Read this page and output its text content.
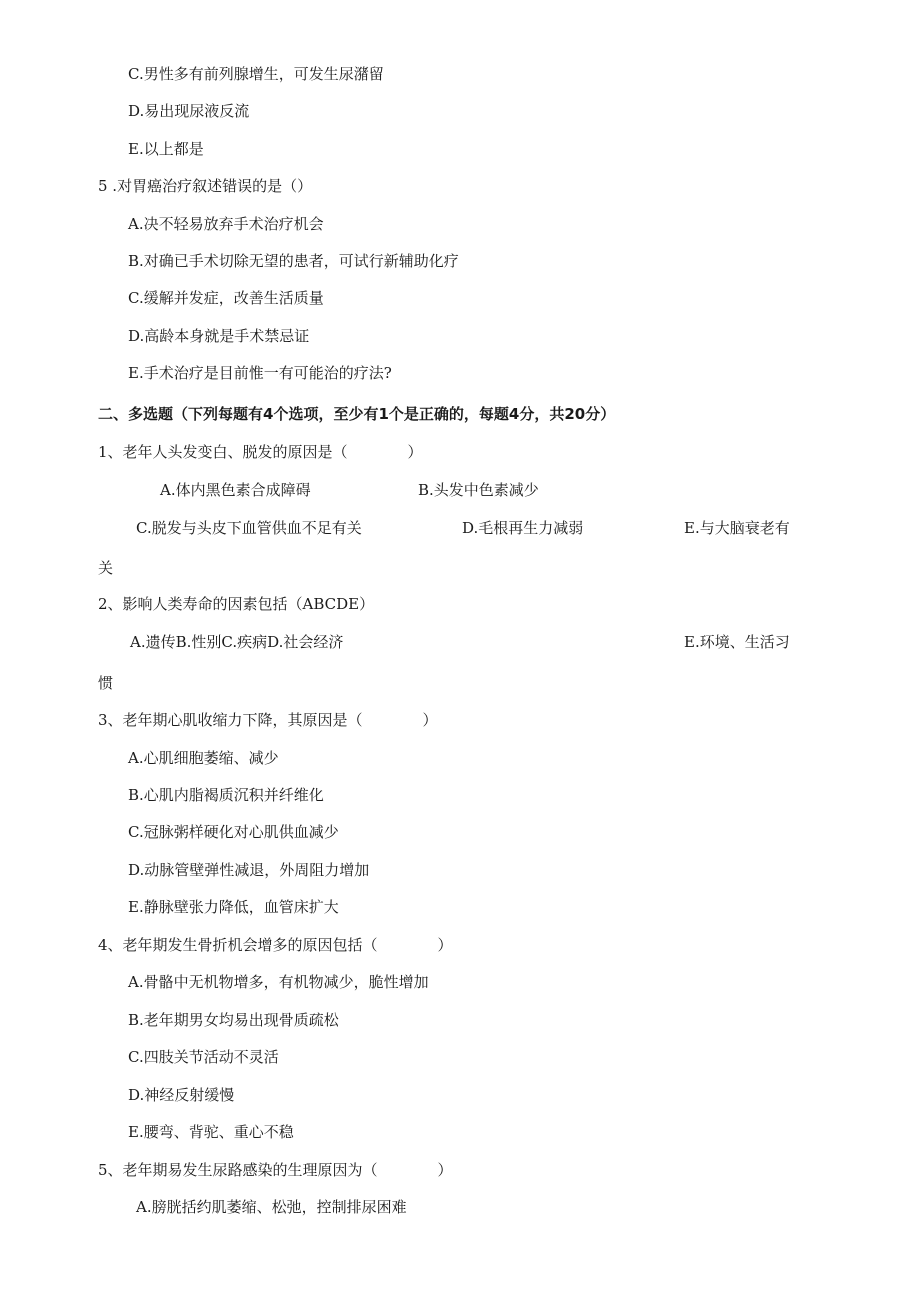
C.男性多有前列腺增生，可发生尿潴留
D.易出现尿液反流
E.以上都是
5 .对胃癌治疗叙述错误的是（）
A.决不轻易放弃手术治疗机会
B.对确已手术切除无望的患者，可试行新辅助化疗
C.缓解并发症，改善生活质量
D.高龄本身就是手术禁忌证
E.手术治疗是目前惟一有可能治的疗法?
二、多选题（下列每题有4个选项，至少有1个是正确的，每题4分，共20分）
1、老年人头发变白、脱发的原因是（　　　　）
A.体内黑色素合成障碍	B.头发中色素减少
C.脱发与头皮下血管供血不足有关	D.毛根再生力减弱	E.与大脑衰老有
关
2、影响人类寿命的因素包括（ABCDE）
A.遗传B.性别C.疾病D.社会经济	E.环境、生活习
惯
3、老年期心肌收缩力下降，其原因是（　　　　）
A.心肌细胞萎缩、减少
B.心肌内脂褐质沉积并纤维化
C.冠脉粥样硬化对心肌供血减少
D.动脉管壁弹性减退，外周阻力增加
E.静脉壁张力降低，血管床扩大
4、老年期发生骨折机会增多的原因包括（　　　　）
A.骨骼中无机物增多，有机物减少，脆性增加
B.老年期男女均易出现骨质疏松
C.四肢关节活动不灵活
D.神经反射缓慢
E.腰弯、背驼、重心不稳
5、老年期易发生尿路感染的生理原因为（　　　　）
A.膀胱括约肌萎缩、松弛，控制排尿困难
